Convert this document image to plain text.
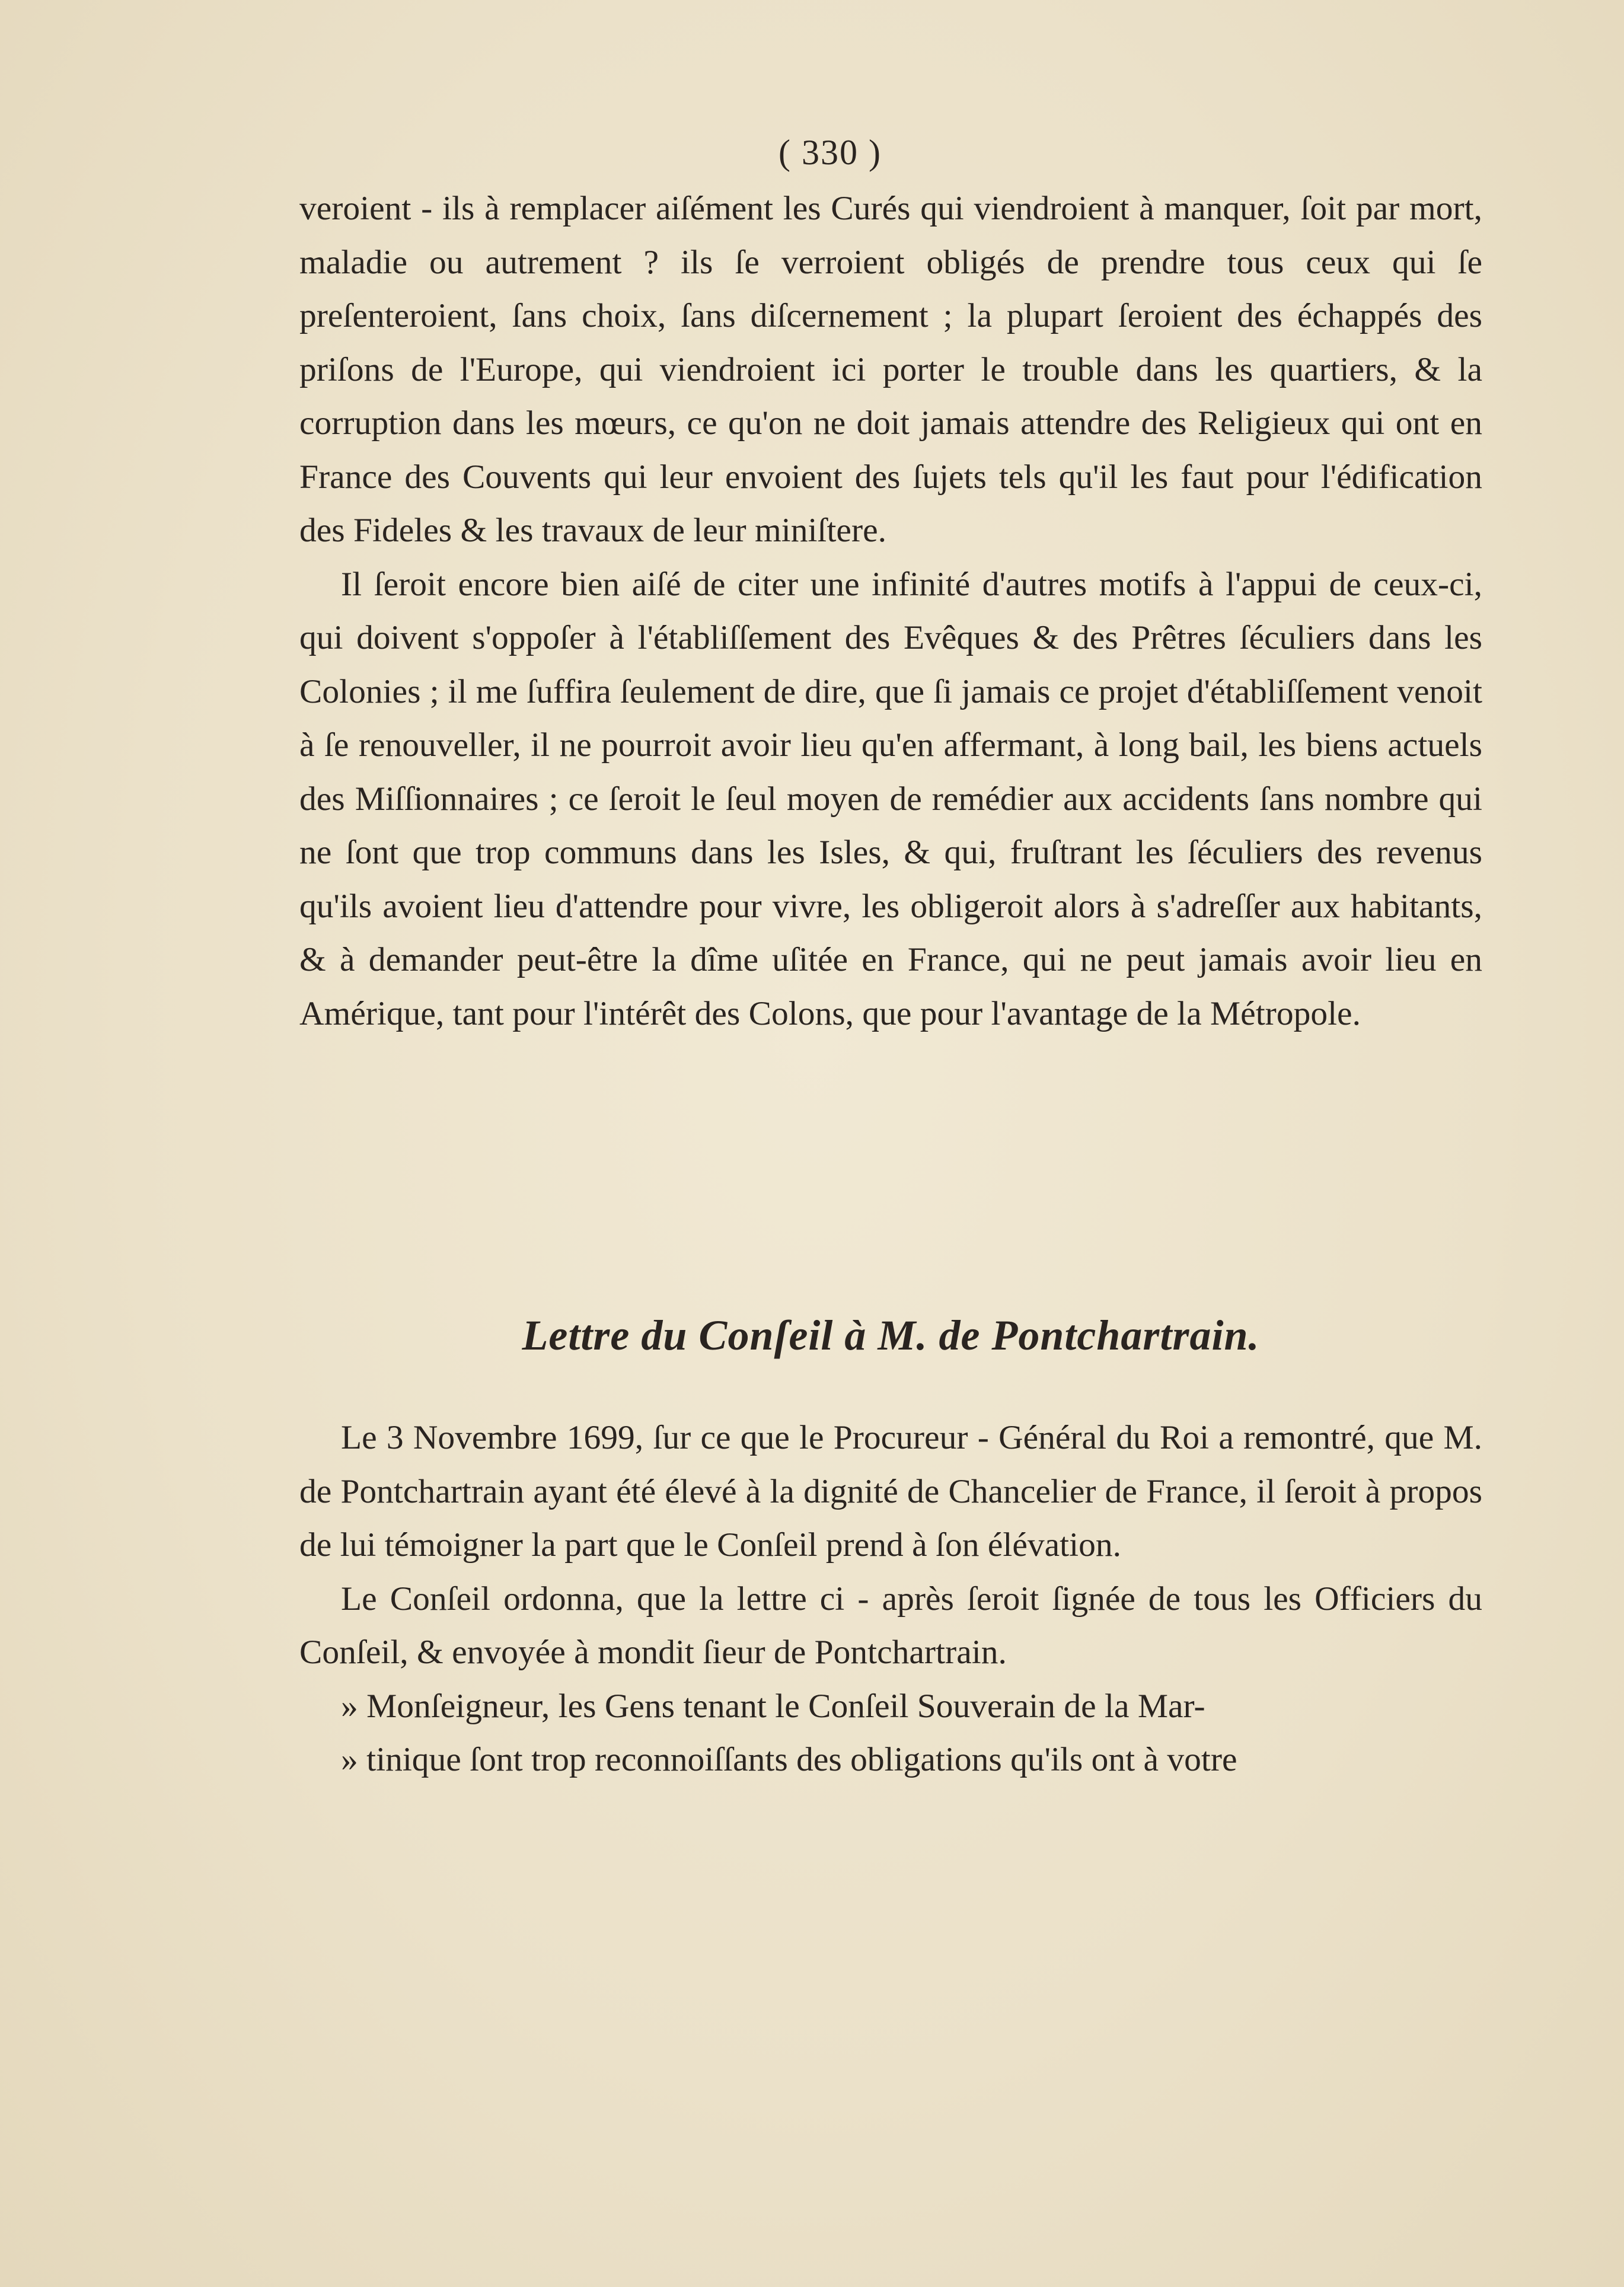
( 330 )

veroient - ils à remplacer aiſément les Curés qui viendroient à manquer, ſoit par mort, maladie ou autrement ? ils ſe verroient obligés de prendre tous ceux qui ſe preſenteroient, ſans choix, ſans diſcernement ; la plupart ſeroient des échappés des priſons de l'Europe, qui viendroient ici porter le trouble dans les quartiers, & la corruption dans les mœurs, ce qu'on ne doit jamais attendre des Religieux qui ont en France des Couvents qui leur envoient des ſujets tels qu'il les faut pour l'édification des Fideles & les travaux de leur miniſtere.

Il ſeroit encore bien aiſé de citer une infinité d'autres motifs à l'appui de ceux-ci, qui doivent s'oppoſer à l'établiſſement des Evêques & des Prêtres ſéculiers dans les Colonies ; il me ſuffira ſeulement de dire, que ſi jamais ce projet d'établiſſement venoit à ſe renouveller, il ne pourroit avoir lieu qu'en affermant, à long bail, les biens actuels des Miſſionnaires ; ce ſeroit le ſeul moyen de remédier aux accidents ſans nombre qui ne ſont que trop communs dans les Isles, & qui, fruſtrant les ſéculiers des revenus qu'ils avoient lieu d'attendre pour vivre, les obligeroit alors à s'adreſſer aux habitants, & à demander peut-être la dîme uſitée en France, qui ne peut jamais avoir lieu en Amérique, tant pour l'intérêt des Colons, que pour l'avantage de la Métropole.

Lettre du Conſeil à M. de Pontchartrain.

Le 3 Novembre 1699, ſur ce que le Procureur - Général du Roi a remontré, que M. de Pontchartrain ayant été élevé à la dignité de Chancelier de France, il ſeroit à propos de lui témoigner la part que le Conſeil prend à ſon élévation.

Le Conſeil ordonna, que la lettre ci - après ſeroit ſignée de tous les Officiers du Conſeil, & envoyée à mondit ſieur de Pontchartrain.

» Monſeigneur, les Gens tenant le Conſeil Souverain de la Mar-

» tinique ſont trop reconnoiſſants des obligations qu'ils ont à votre
